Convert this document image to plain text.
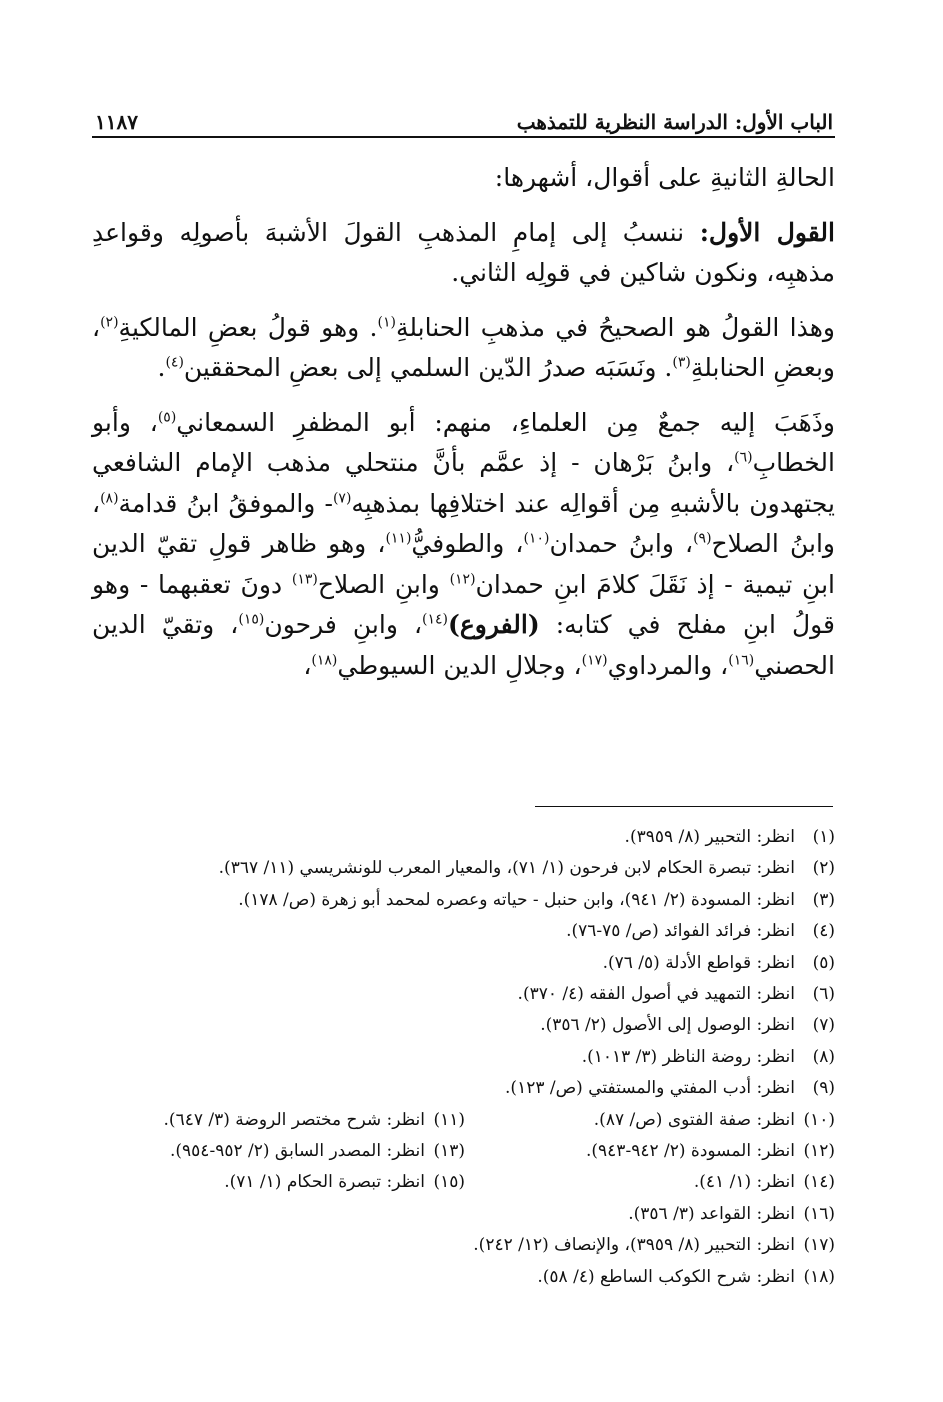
الباب الأول: الدراسة النظرية للتمذهب
١١٨٧

الحالةِ الثانيةِ على أقوال، أشهرها:

القول الأول: ننسبُ إلى إمامِ المذهبِ القولَ الأشبهَ بأصولِه وقواعدِ مذهبِه، ونكون شاكين في قولِه الثاني.

وهذا القولُ هو الصحيحُ في مذهبِ الحنابلةِ$^{(١)}$. وهو قولُ بعضِ المالكيةِ$^{(٢)}$، وبعضِ الحنابلةِ$^{(٣)}$. ونَسَبَه صدرُ الدّين السلمي إلى بعضِ المحققين$^{(٤)}$.

وذَهَبَ إليه جمعٌ مِن العلماءِ، منهم: أبو المظفرِ السمعاني$^{(٥)}$، وأبو الخطابِ$^{(٦)}$، وابنُ بَرْهان - إذ عمَّم بأنَّ منتحلي مذهب الإمام الشافعي يجتهدون بالأشبهِ مِن أقوالِه عند اختلافِها بمذهبِه$^{(٧)}$- والموفقُ ابنُ قدامة$^{(٨)}$، وابنُ الصلاح$^{(٩)}$، وابنُ حمدان$^{(١٠)}$، والطوفيُّ$^{(١١)}$، وهو ظاهر قولِ تقيّ الدين ابنِ تيمية - إذ نَقَلَ كلامَ ابنِ حمدان$^{(١٢)}$ وابنِ الصلاح$^{(١٣)}$ دونَ تعقبهما - وهو قولُ ابنِ مفلح في كتابه: (الفروع)$^{(١٤)}$، وابنِ فرحون$^{(١٥)}$، وتقيّ الدين الحصني$^{(١٦)}$، والمرداوي$^{(١٧)}$، وجلالِ الدين السيوطي$^{(١٨)}$،

(١)
انظر: التحبير (٨/ ٣٩٥٩).
(٢)
انظر: تبصرة الحكام لابن فرحون (١/ ٧١)، والمعيار المعرب للونشريسي (١١/ ٣٦٧).
(٣)
انظر: المسودة (٢/ ٩٤١)، وابن حنبل - حياته وعصره لمحمد أبو زهرة (ص/ ١٧٨).
(٤)
انظر: فرائد الفوائد (ص/ ٧٥-٧٦).
(٥)
انظر: قواطع الأدلة (٥/ ٧٦).
(٦)
انظر: التمهيد في أصول الفقه (٤/ ٣٧٠).
(٧)
انظر: الوصول إلى الأصول (٢/ ٣٥٦).
(٨)
انظر: روضة الناظر (٣/ ١٠١٣).
(٩)
انظر: أدب المفتي والمستفتي (ص/ ١٢٣).
(١٠)
انظر: صفة الفتوى (ص/ ٨٧).
(١١)
انظر: شرح مختصر الروضة (٣/ ٦٤٧).
(١٢)
انظر: المسودة (٢/ ٩٤٢-٩٤٣).
(١٣)
انظر: المصدر السابق (٢/ ٩٥٢-٩٥٤).
(١٤)
انظر: (١/ ٤١).
(١٥)
انظر: تبصرة الحكام (١/ ٧١).
(١٦)
انظر: القواعد (٣/ ٣٥٦).
(١٧)
انظر: التحبير (٨/ ٣٩٥٩)، والإنصاف (١٢/ ٢٤٢).
(١٨)
انظر: شرح الكوكب الساطع (٤/ ٥٨).
